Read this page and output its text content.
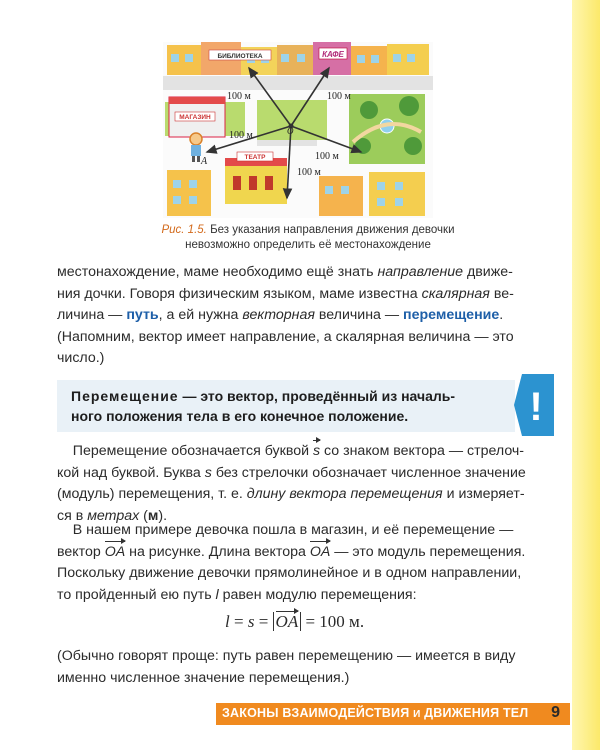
БИБЛИОТЕКА	КАФЕ
МАГАЗИН
ТЕАТР
O
A
100 м	100 м
100 м
100 м
100 м
Рис. 1.5. Без указания направления движения девочки
невозможно определить её местонахождение
местонахождение, маме необходимо ещё знать направление движе-
ния дочки. Говоря физическим языком, маме известна скалярная ве-
личина — путь, а ей нужна векторная величина — перемещение.
(Напомним, вектор имеет направление, а скалярная величина — это
число.)
Перемещение — это вектор, проведённый из началь-
ного положения тела в его конечное положение.	!
Перемещение обозначается буквой s со знаком вектора — стрелоч-
кой над буквой. Буква s без стрелочки обозначает численное значение
(модуль) перемещения, т. е. длину вектора перемещения и измеряет-
ся в метрах (м).
В нашем примере девочка пошла в магазин, и её перемещение —
вектор OA на рисунке. Длина вектора OA — это модуль перемещения.
Поскольку движение девочки прямолинейное и в одном направлении,
то пройденный ею путь l равен модулю перемещения:
l = s = OA = 100 м.
(Обычно говорят проще: путь равен перемещению — имеется в виду
именно численное значение перемещения.)
ЗАКОНЫ ВЗАИМОДЕЙСТВИЯ И ДВИЖЕНИЯ ТЕЛ 9
